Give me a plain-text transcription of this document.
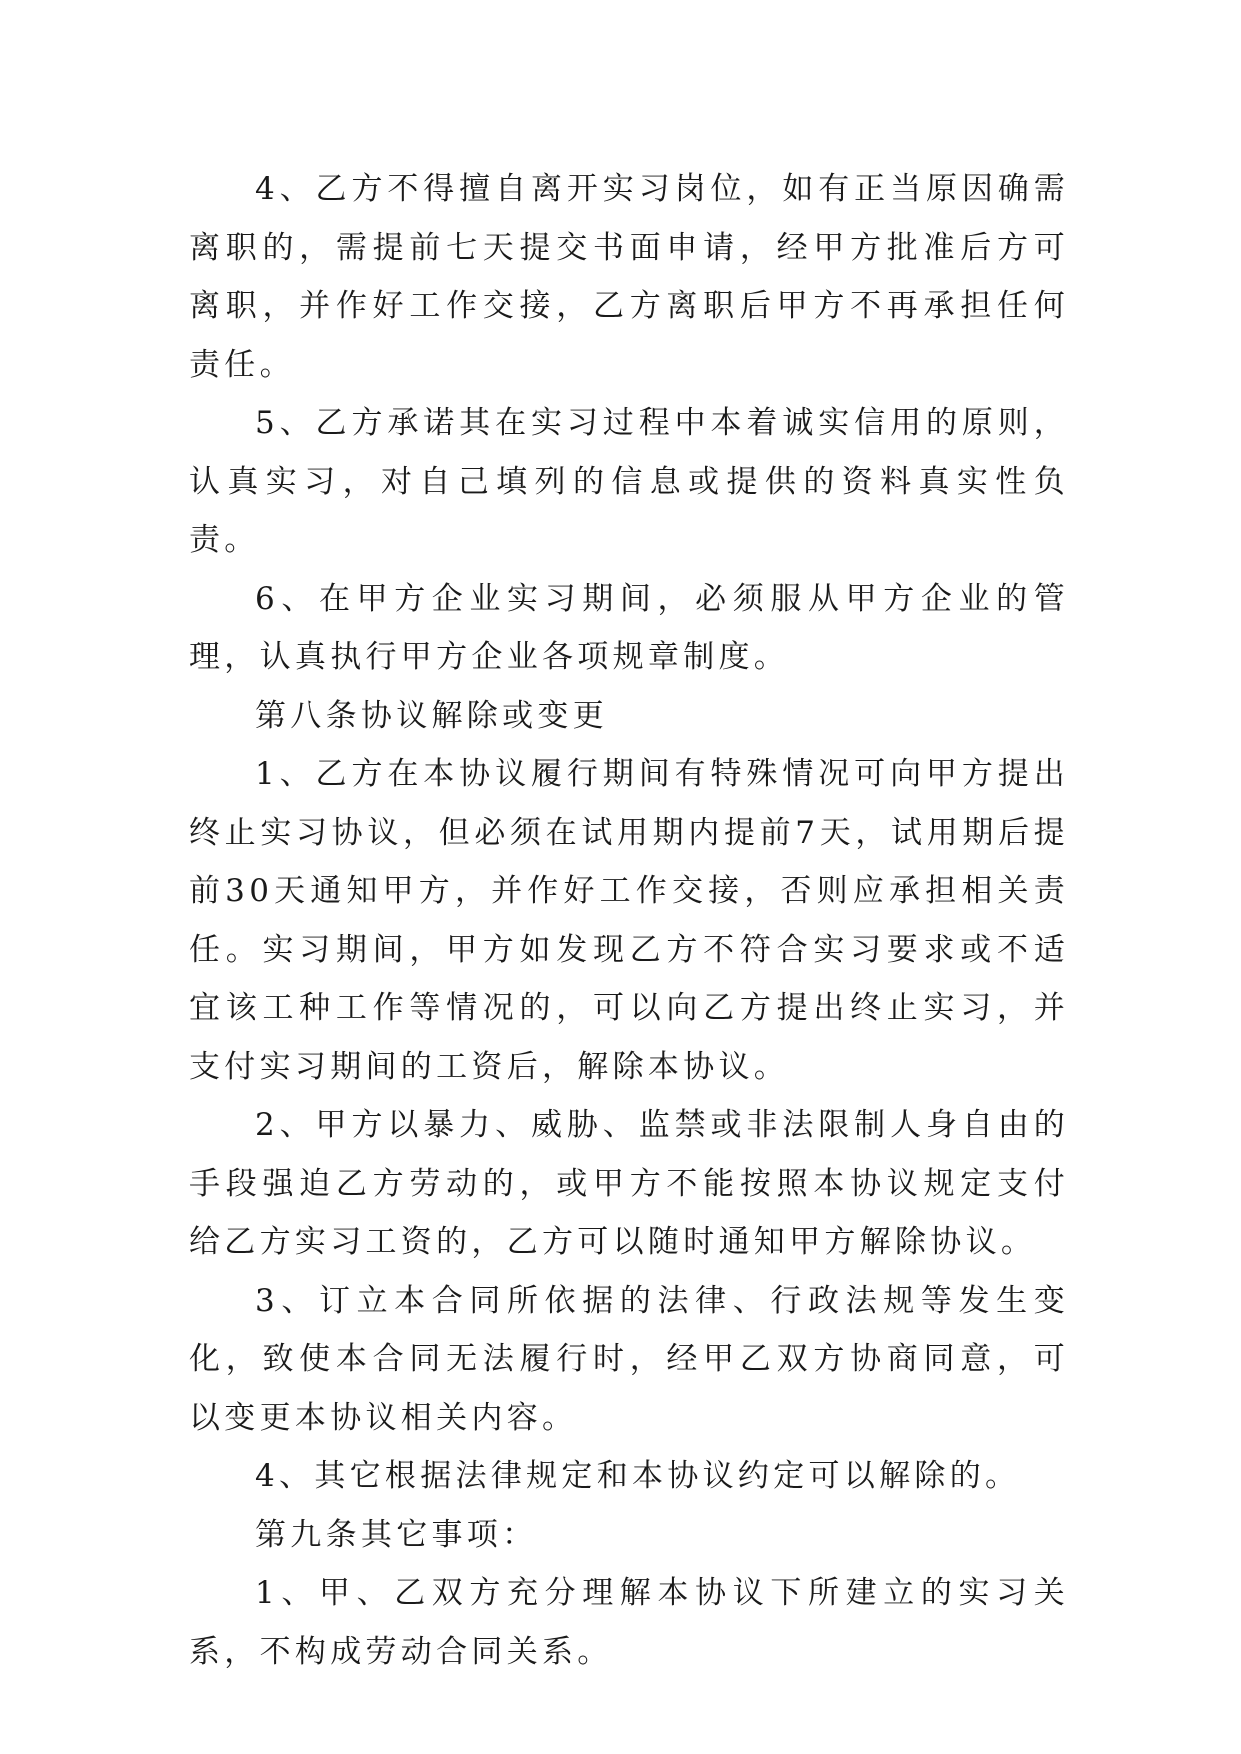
4、乙方不得擅自离开实习岗位，如有正当原因确需离职的，需提前七天提交书面申请，经甲方批准后方可离职，并作好工作交接，乙方离职后甲方不再承担任何责任。

5、乙方承诺其在实习过程中本着诚实信用的原则，认真实习，对自己填列的信息或提供的资料真实性负责。

6、在甲方企业实习期间，必须服从甲方企业的管理，认真执行甲方企业各项规章制度。

第八条协议解除或变更

1、乙方在本协议履行期间有特殊情况可向甲方提出终止实习协议，但必须在试用期内提前7天，试用期后提前30天通知甲方，并作好工作交接，否则应承担相关责任。实习期间，甲方如发现乙方不符合实习要求或不适宜该工种工作等情况的，可以向乙方提出终止实习，并支付实习期间的工资后，解除本协议。

2、甲方以暴力、威胁、监禁或非法限制人身自由的手段强迫乙方劳动的，或甲方不能按照本协议规定支付给乙方实习工资的，乙方可以随时通知甲方解除协议。

3、订立本合同所依据的法律、行政法规等发生变化，致使本合同无法履行时，经甲乙双方协商同意，可以变更本协议相关内容。

4、其它根据法律规定和本协议约定可以解除的。

第九条其它事项：

1、甲、乙双方充分理解本协议下所建立的实习关系，不构成劳动合同关系。
